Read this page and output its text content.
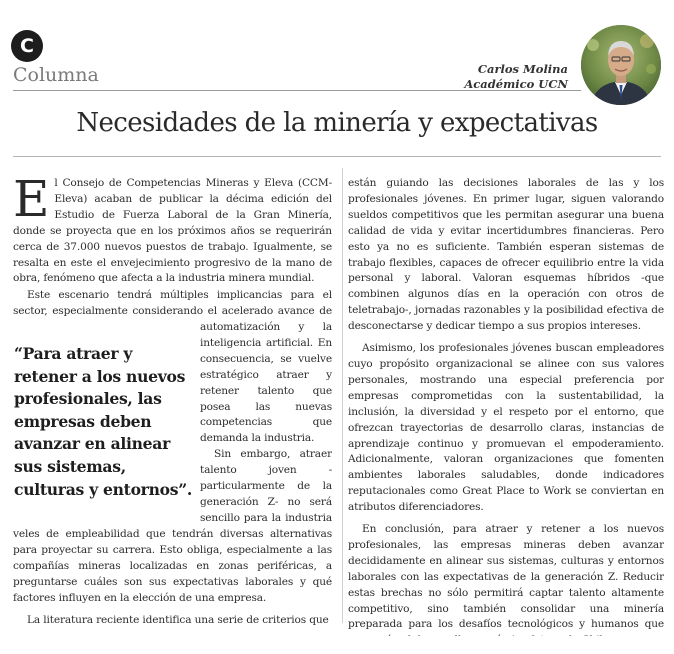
C
Columna	Carlos Molina
Académico UCN
Necesidades de la minería y expectativas

El Consejo de Competencias Mineras y Eleva (CCM-Eleva) acaban de publicar la décima edición del Estudio de Fuerza Laboral de la Gran Minería, donde se proyecta que en los próximos años se requerirán cerca de 37.000 nuevos puestos de trabajo. Igualmente, se resalta en este el envejecimiento progresivo de la mano de obra, fenómeno que afecta a la industria minera mundial.

Este escenario tendrá múltiples implicancias para el sector, especialmente considerando el acelerado avance de

automatización y la inteligencia artificial. En consecuencia, se vuelve estratégico atraer y retener talento que posea las nuevas competencias que demanda la industria.

Sin embargo, atraer talento joven -particularmente de la generación Z- no será sencillo para la industria

“Para atraer y retener a los nuevos profesionales, las empresas deben avanzar en alinear sus sistemas, culturas y entornos”.

veles de empleabilidad que tendrán diversas alternativas para proyectar su carrera. Esto obliga, especialmente a las compañías mineras localizadas en zonas periféricas, a preguntarse cuáles son sus expectativas laborales y qué factores influyen en la elección de una empresa.

La literatura reciente identifica una serie de criterios que

están guiando las decisiones laborales de las y los profesionales jóvenes. En primer lugar, siguen valorando sueldos competitivos que les permitan asegurar una buena calidad de vida y evitar incertidumbres financieras. Pero esto ya no es suficiente. También esperan sistemas de trabajo flexibles, capaces de ofrecer equilibrio entre la vida personal y laboral. Valoran esquemas híbridos -que combinen algunos días en la operación con otros de teletrabajo-, jornadas razonables y la posibilidad efectiva de desconectarse y dedicar tiempo a sus propios intereses.

Asimismo, los profesionales jóvenes buscan empleadores cuyo propósito organizacional se alinee con sus valores personales, mostrando una especial preferencia por empresas comprometidas con la sustentabilidad, la inclusión, la diversidad y el respeto por el entorno, que ofrezcan trayectorias de desarrollo claras, instancias de aprendizaje continuo y promuevan el empoderamiento. Adicionalmente, valoran organizaciones que fomenten ambientes laborales saludables, donde indicadores reputacionales como Great Place to Work se conviertan en atributos diferenciadores.

En conclusión, para atraer y retener a los nuevos profesionales, las empresas mineras deben avanzar decididamente en alinear sus sistemas, culturas y entornos laborales con las expectativas de la generación Z. Reducir estas brechas no sólo permitirá captar talento altamente competitivo, sino también consolidar una minería preparada para los desafíos tecnológicos y humanos que
